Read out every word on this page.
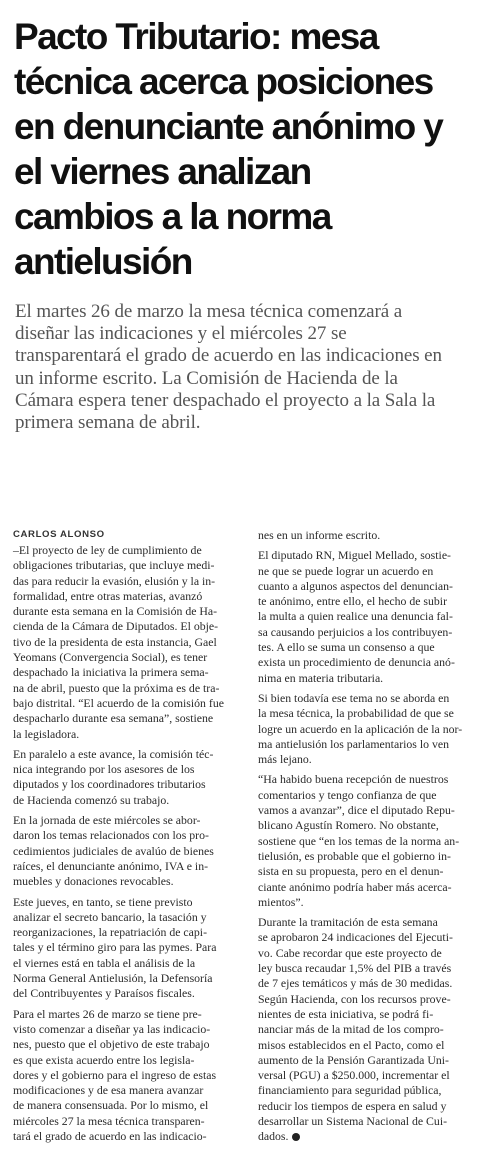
Pacto Tributario: mesa
técnica acerca posiciones
en denunciante anónimo y
el viernes analizan
cambios a la norma
antielusión

El martes 26 de marzo la mesa técnica comenzará a
diseñar las indicaciones y el miércoles 27 se
transparentará el grado de acuerdo en las indicaciones en
un informe escrito. La Comisión de Hacienda de la
Cámara espera tener despachado el proyecto a la Sala la
primera semana de abril.

CARLOS ALONSO

–El proyecto de ley de cumplimiento de
obligaciones tributarias, que incluye medi-
das para reducir la evasión, elusión y la in-
formalidad, entre otras materias, avanzó
durante esta semana en la Comisión de Ha-
cienda de la Cámara de Diputados. El obje-
tivo de la presidenta de esta instancia, Gael
Yeomans (Convergencia Social), es tener
despachado la iniciativa la primera sema-
na de abril, puesto que la próxima es de tra-
bajo distrital. “El acuerdo de la comisión fue
despacharlo durante esa semana”, sostiene
la legisladora.

En paralelo a este avance, la comisión téc-
nica integrando por los asesores de los
diputados y los coordinadores tributarios
de Hacienda comenzó su trabajo.

En la jornada de este miércoles se abor-
daron los temas relacionados con los pro-
cedimientos judiciales de avalúo de bienes
raíces, el denunciante anónimo, IVA e in-
muebles y donaciones revocables.

Este jueves, en tanto, se tiene previsto
analizar el secreto bancario, la tasación y
reorganizaciones, la repatriación de capi-
tales y el término giro para las pymes. Para
el viernes está en tabla el análisis de la
Norma General Antielusión, la Defensoría
del Contribuyentes y Paraísos fiscales.

Para el martes 26 de marzo se tiene pre-
visto comenzar a diseñar ya las indicacio-
nes, puesto que el objetivo de este trabajo
es que exista acuerdo entre los legisla-
dores y el gobierno para el ingreso de estas
modificaciones y de esa manera avanzar
de manera consensuada. Por lo mismo, el
miércoles 27 la mesa técnica transparen-
tará el grado de acuerdo en las indicacio-

nes en un informe escrito.

El diputado RN, Miguel Mellado, sostie-
ne que se puede lograr un acuerdo en
cuanto a algunos aspectos del denuncian-
te anónimo, entre ello, el hecho de subir
la multa a quien realice una denuncia fal-
sa causando perjuicios a los contribuyen-
tes. A ello se suma un consenso a que
exista un procedimiento de denuncia anó-
nima en materia tributaria.

Si bien todavía ese tema no se aborda en
la mesa técnica, la probabilidad de que se
logre un acuerdo en la aplicación de la nor-
ma antielusión los parlamentarios lo ven
más lejano.

“Ha habido buena recepción de nuestros
comentarios y tengo confianza de que
vamos a avanzar”, dice el diputado Repu-
blicano Agustín Romero. No obstante,
sostiene que “en los temas de la norma an-
tielusión, es probable que el gobierno in-
sista en su propuesta, pero en el denun-
ciante anónimo podría haber más acerca-
mientos”.

Durante la tramitación de esta semana
se aprobaron 24 indicaciones del Ejecuti-
vo. Cabe recordar que este proyecto de
ley busca recaudar 1,5% del PIB a través
de 7 ejes temáticos y más de 30 medidas.
Según Hacienda, con los recursos prove-
nientes de esta iniciativa, se podrá fi-
nanciar más de la mitad de los compro-
misos establecidos en el Pacto, como el
aumento de la Pensión Garantizada Uni-
versal (PGU) a $250.000, incrementar el
financiamiento para seguridad pública,
reducir los tiempos de espera en salud y
desarrollar un Sistema Nacional de Cui-
dados.
